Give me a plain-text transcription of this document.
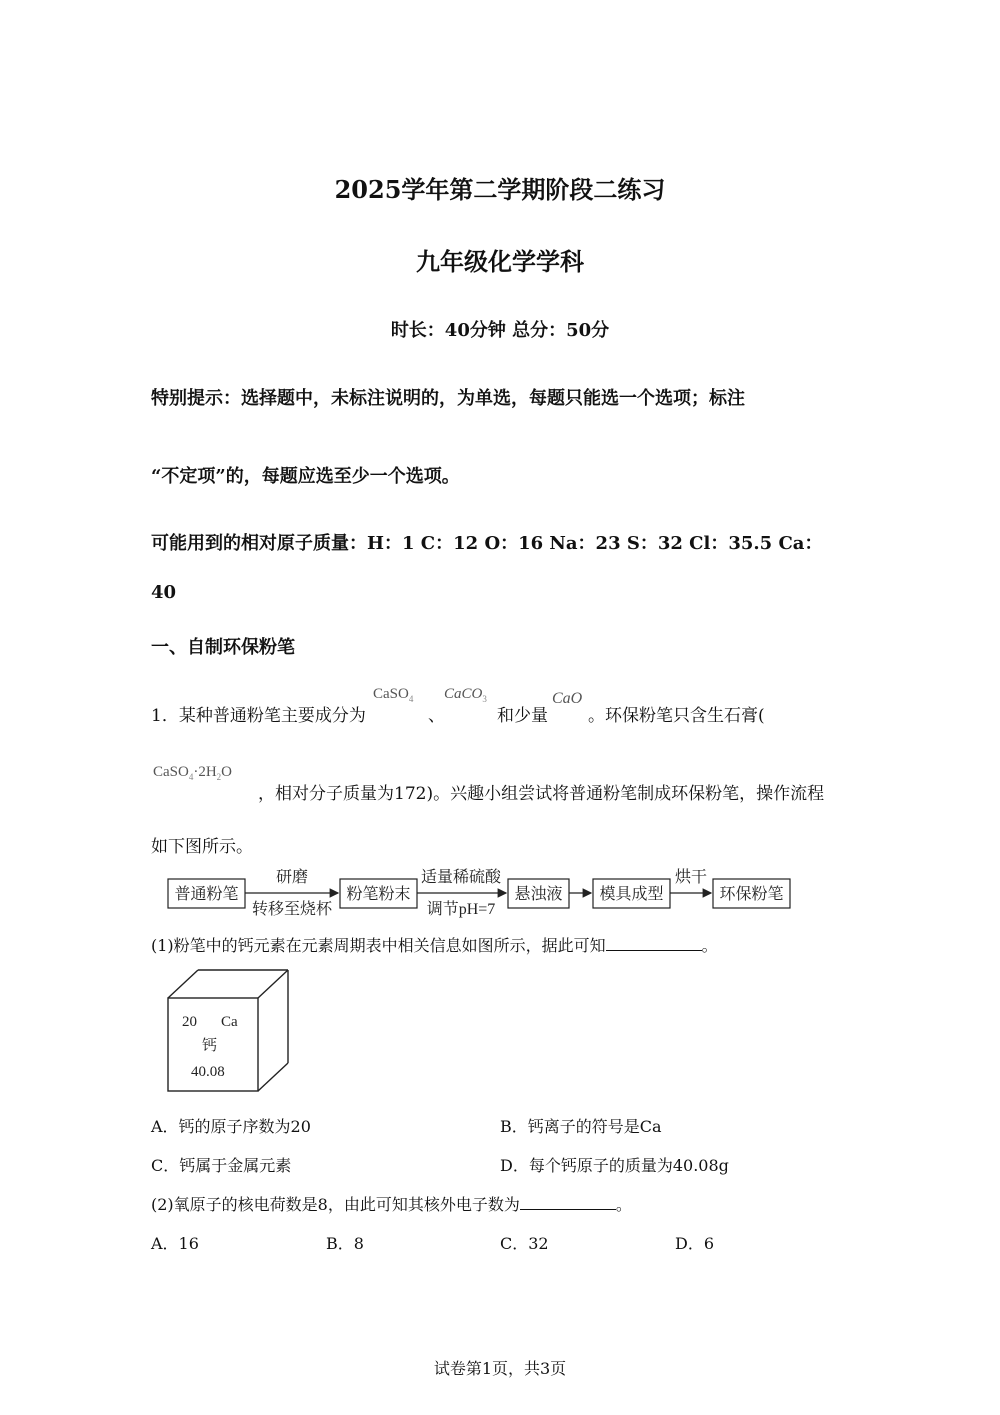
2025学年第二学期阶段二练习
九年级化学学科
时长：40分钟 总分：50分
特别提示：选择题中，未标注说明的，为单选，每题只能选一个选项；标注
“不定项”的，每题应选至少一个选项。
可能用到的相对原子质量：H：1 C：12 O：16 Na：23 S：32 Cl：35.5 Ca：
40
一、自制环保粉笔
1．某种普通粉笔主要成分为
CaSO$_4$
、
CaCO$_3$
和少量
CaO
。环保粉笔只含生石膏(
$CaSO_4\cdot 2H_2O$
，相对分子质量为172)。兴趣小组尝试将普通粉笔制成环保粉笔，操作流程
如下图所示。
普通粉笔	粉笔粉末	悬浊液 模具成型	环保粉笔
研磨
转移至烧杯
适量稀硫酸
调节pH=7
烘干
(1)粉笔中的钙元素在元素周期表中相关信息如图所示，据此可知	。
20 Ca
钙
40.08
A．钙的原子序数为20	B．钙离子的符号是Ca
C．钙属于金属元素	D．每个钙原子的质量为40.08g
(2)氧原子的核电荷数是8，由此可知其核外电子数为	。
A．16	B．8	C．32	D．6
试卷第1页，共3页
